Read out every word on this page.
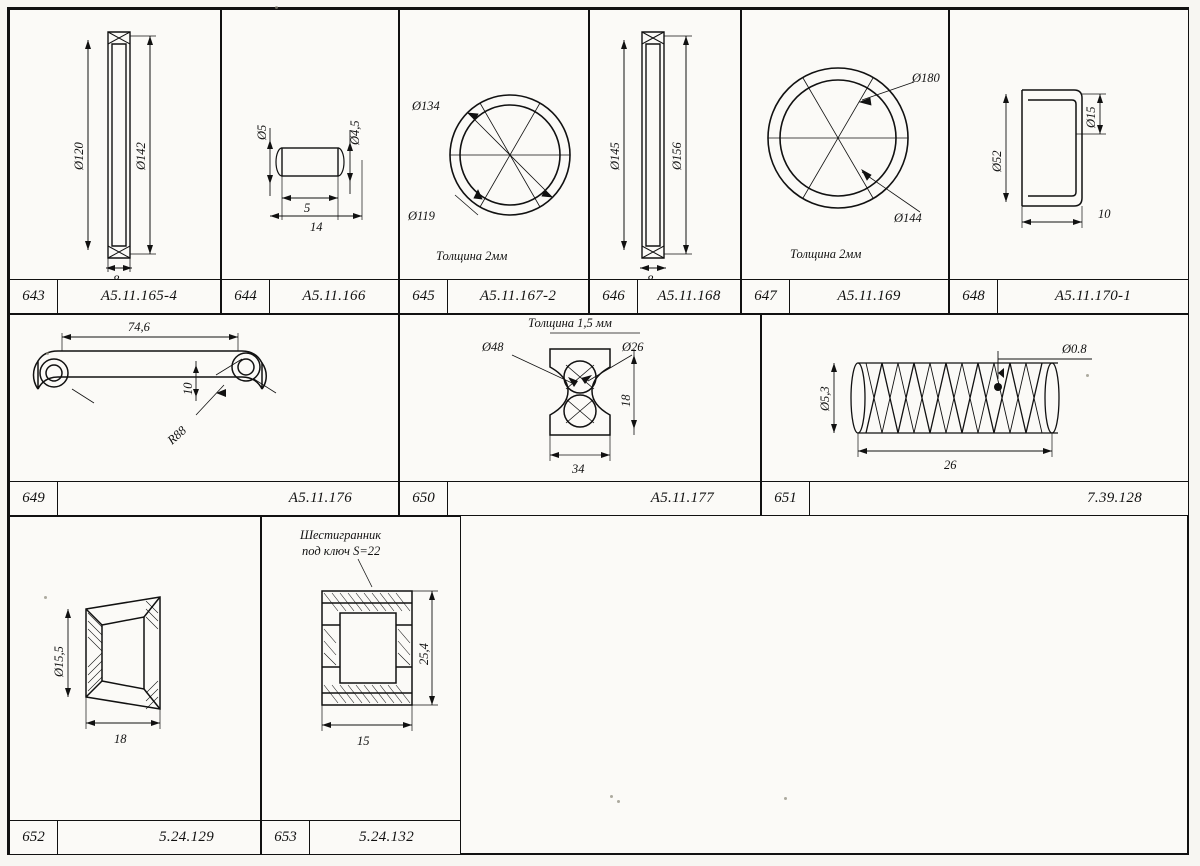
Ø120	Ø142
643	A5.11.165-4
Ø5	Ø4,5
5
14
644	A5.11.166
Ø134
Ø119
Толщина 2мм
645	A5.11.167-2
Ø145	Ø156
646	A5.11.168
Ø180
Ø144
Толщина 2мм
647	A5.11.169
Ø52
Ø15
10
648	A5.11.170-1
74,6
10
R88
649	A5.11.176
Ø48	Ø26
18
34
Толщина 1,5 мм
650	A5.11.177
Ø5,3
Ø0.8
26
651	7.39.128
Ø15,5
18
652	5.24.129
Шестигранник
под ключ S=22
25,4
15
653	5.24.132
